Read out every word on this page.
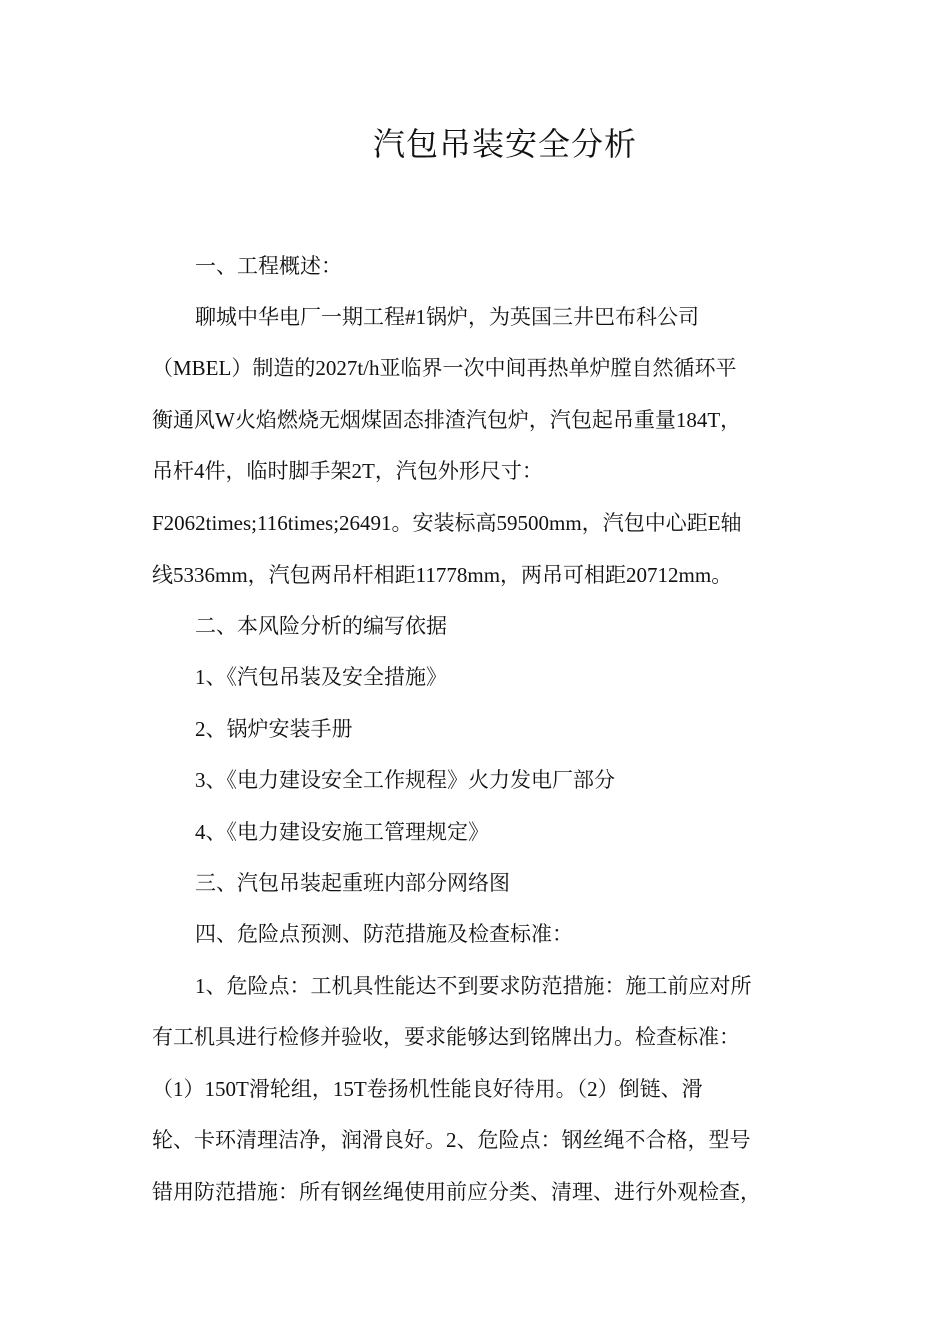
汽包吊装安全分析
一、工程概述：
聊城中华电厂一期工程#1锅炉，为英国三井巴布科公司
（MBEL）制造的2027t/h亚临界一次中间再热单炉膛自然循环平
衡通风W火焰燃烧无烟煤固态排渣汽包炉，汽包起吊重量184T，
吊杆4件，临时脚手架2T，汽包外形尺寸：
F2062times;116times;26491。安装标高59500mm，汽包中心距E轴
线5336mm，汽包两吊杆相距11778mm，两吊可相距20712mm。
二、本风险分析的编写依据
1、《汽包吊装及安全措施》
2、锅炉安装手册
3、《电力建设安全工作规程》火力发电厂部分
4、《电力建设安施工管理规定》
三、汽包吊装起重班内部分网络图
四、危险点预测、防范措施及检查标准：
1、危险点：工机具性能达不到要求防范措施：施工前应对所
有工机具进行检修并验收，要求能够达到铭牌出力。检查标准：
（1）150T滑轮组，15T卷扬机性能良好待用。（2）倒链、滑
轮、卡环清理洁净，润滑良好。2、危险点：钢丝绳不合格，型号
错用防范措施：所有钢丝绳使用前应分类、清理、进行外观检查，
